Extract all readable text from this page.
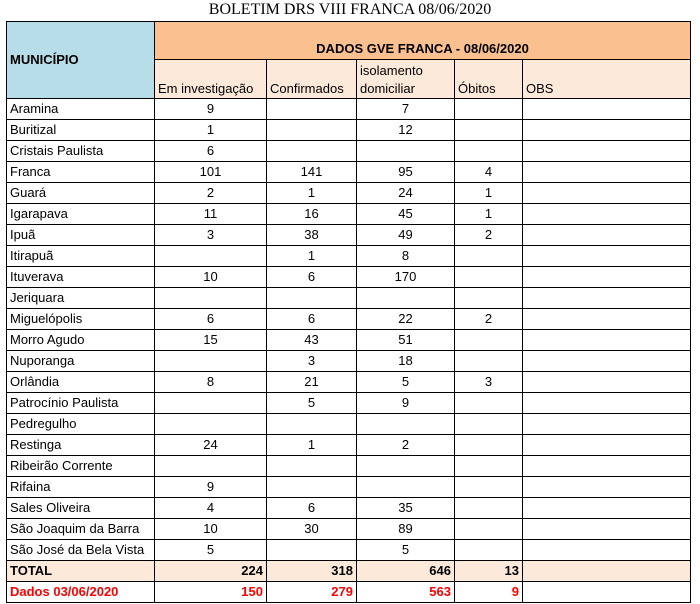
BOLETIM DRS VIII FRANCA 08/06/2020
MUNICÍPIO	DADOS GVE FRANCA - 08/06/2020				
	Em investigação	Confirmados	isolamento domiciliar	Óbitos	OBS
Aramina	9		7		
Buritizal	1		12		
Cristais Paulista	6				
Franca	101	141	95	4	
Guará	2	1	24	1	
Igarapava	11	16	45	1	
Ipuã	3	38	49	2	
Itirapuã		1	8		
Ituverava	10	6	170		
Jeriquara					
Miguelópolis	6	6	22	2	
Morro Agudo	15	43	51		
Nuporanga		3	18		
Orlândia	8	21	5	3	
Patrocínio Paulista		5	9		
Pedregulho					
Restinga	24	1	2		
Ribeirão Corrente					
Rifaina	9				
Sales Oliveira	4	6	35		
São Joaquim da Barra	10	30	89		
São José da Bela Vista	5		5		
TOTAL	224	318	646	13	
Dados 03/06/2020	150	279	563	9	
